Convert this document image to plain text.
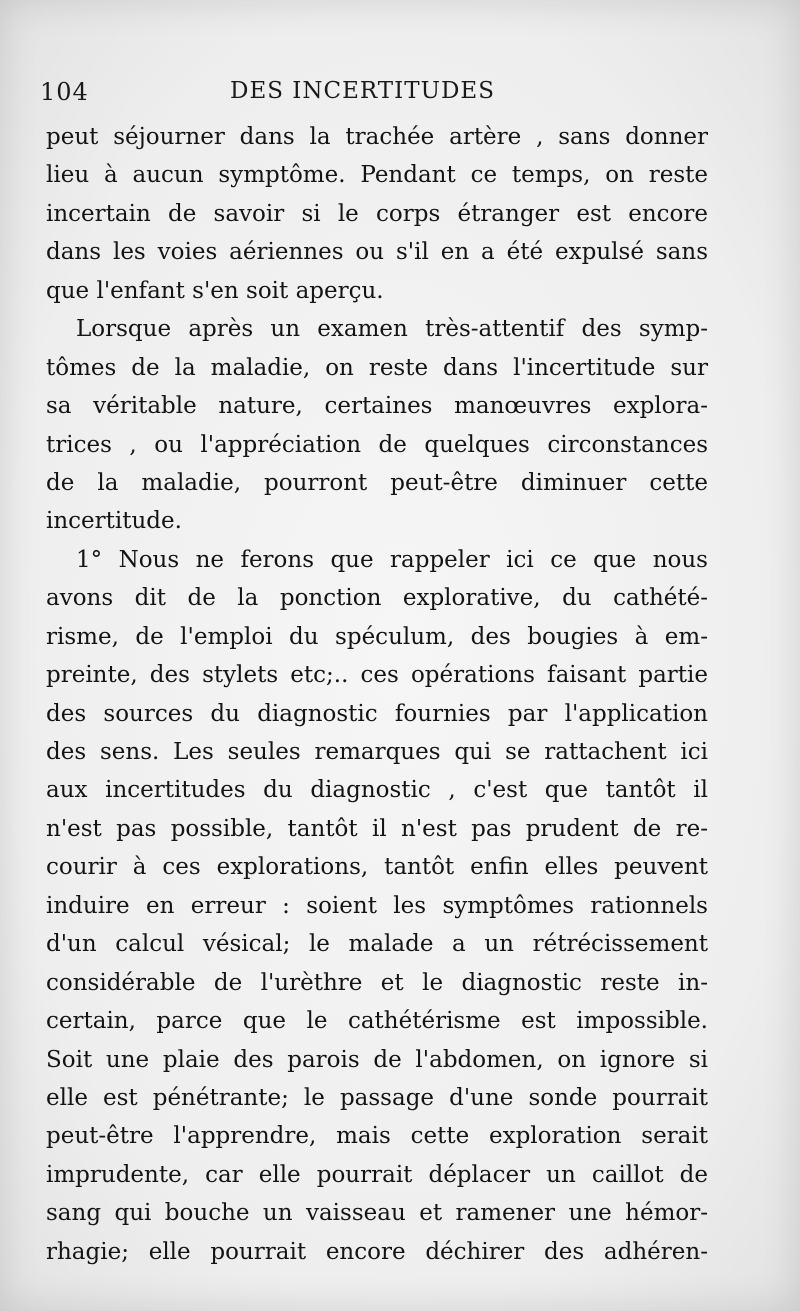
104	DES INCERTITUDES
peut séjourner dans la trachée artère , sans donner
lieu à aucun symptôme. Pendant ce temps, on reste
incertain de savoir si le corps étranger est encore
dans les voies aériennes ou s'il en a été expulsé sans
que l'enfant s'en soit aperçu.
Lorsque après un examen très-attentif des symp-
tômes de la maladie, on reste dans l'incertitude sur
sa véritable nature, certaines manœuvres explora-
trices , ou l'appréciation de quelques circonstances
de la maladie, pourront peut-être diminuer cette
incertitude.
1° Nous ne ferons que rappeler ici ce que nous
avons dit de la ponction explorative, du cathété-
risme, de l'emploi du spéculum, des bougies à em-
preinte, des stylets etc;.. ces opérations faisant partie
des sources du diagnostic fournies par l'application
des sens. Les seules remarques qui se rattachent ici
aux incertitudes du diagnostic , c'est que tantôt il
n'est pas possible, tantôt il n'est pas prudent de re-
courir à ces explorations, tantôt enfin elles peuvent
induire en erreur : soient les symptômes rationnels
d'un calcul vésical; le malade a un rétrécissement
considérable de l'urèthre et le diagnostic reste in-
certain, parce que le cathétérisme est impossible.
Soit une plaie des parois de l'abdomen, on ignore si
elle est pénétrante; le passage d'une sonde pourrait
peut-être l'apprendre, mais cette exploration serait
imprudente, car elle pourrait déplacer un caillot de
sang qui bouche un vaisseau et ramener une hémor-
rhagie; elle pourrait encore déchirer des adhéren-
